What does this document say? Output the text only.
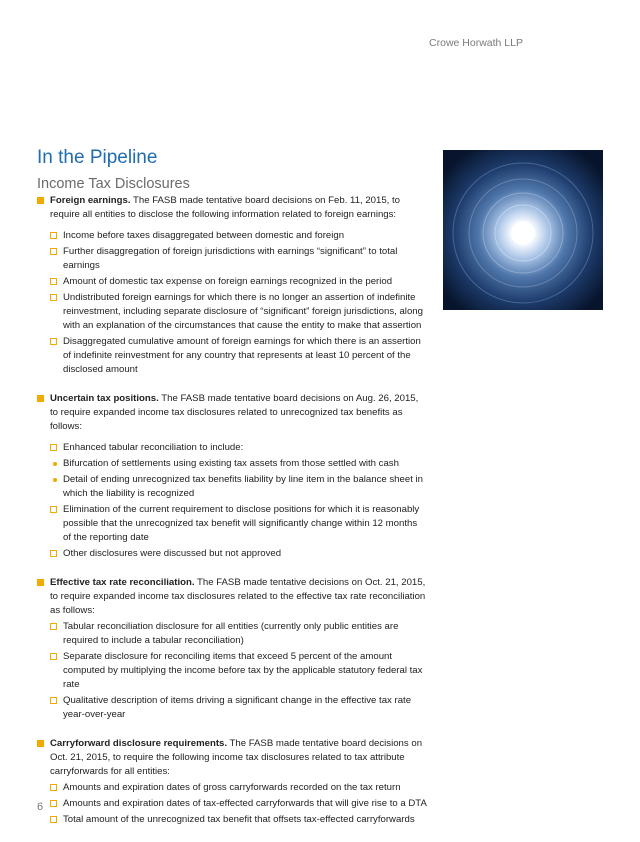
Crowe Horwath LLP
In the Pipeline
Income Tax Disclosures
Foreign earnings. The FASB made tentative board decisions on Feb. 11, 2015, to require all entities to disclose the following information related to foreign earnings:
Income before taxes disaggregated between domestic and foreign
Further disaggregation of foreign jurisdictions with earnings “significant” to total earnings
Amount of domestic tax expense on foreign earnings recognized in the period
Undistributed foreign earnings for which there is no longer an assertion of indefinite reinvestment, including separate disclosure of “significant” foreign jurisdictions, along with an explanation of the circumstances that cause the entity to make that assertion
Disaggregated cumulative amount of foreign earnings for which there is an assertion of indefinite reinvestment for any country that represents at least 10 percent of the disclosed amount
Uncertain tax positions. The FASB made tentative board decisions on Aug. 26, 2015, to require expanded income tax disclosures related to unrecognized tax benefits as follows:
Enhanced tabular reconciliation to include:
Bifurcation of settlements using existing tax assets from those settled with cash
Detail of ending unrecognized tax benefits liability by line item in the balance sheet in which the liability is recognized
Elimination of the current requirement to disclose positions for which it is reasonably possible that the unrecognized tax benefit will significantly change within 12 months of the reporting date
Other disclosures were discussed but not approved
Effective tax rate reconciliation. The FASB made tentative decisions on Oct. 21, 2015, to require expanded income tax disclosures related to the effective tax rate reconciliation as follows:
Tabular reconciliation disclosure for all entities (currently only public entities are required to include a tabular reconciliation)
Separate disclosure for reconciling items that exceed 5 percent of the amount computed by multiplying the income before tax by the applicable statutory federal tax rate
Qualitative description of items driving a significant change in the effective tax rate year-over-year
Carryforward disclosure requirements. The FASB made tentative board decisions on Oct. 21, 2015, to require the following income tax disclosures related to tax attribute carryforwards for all entities:
Amounts and expiration dates of gross carryforwards recorded on the tax return
Amounts and expiration dates of tax-effected carryforwards that will give rise to a DTA
Total amount of the unrecognized tax benefit that offsets tax-effected carryforwards
6
